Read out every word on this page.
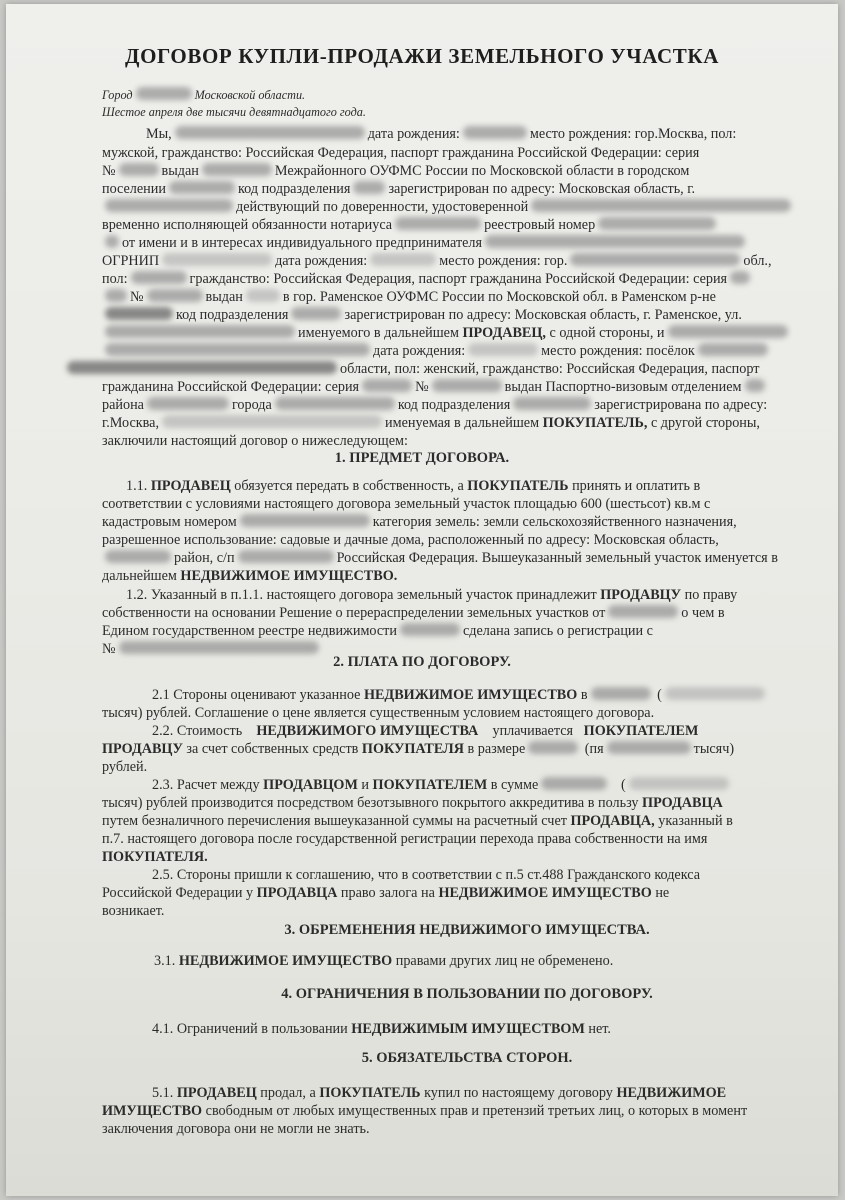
ДОГОВОР КУПЛИ-ПРОДАЖИ ЗЕМЕЛЬНОГО УЧАСТКА
Город	Московской области.
Шестое апреля две тысячи девятнадцатого года.
Мы,	дата рождения:	место рождения: гор.Москва, пол:
мужской, гражданство: Российская Федерация, паспорт гражданина Российской Федерации: серия
№	выдан	Межрайонного ОУФМС России по Московской области в городском
поселении	код подразделения	зарегистрирован по адресу: Московская область, г.
действующий по доверенности, удостоверенной
временно исполняющей обязанности нотариуса	реестровый номер
от имени и в интересах индивидуального предпринимателя
ОГРНИП	дата рождения:	место рождения: гор.	обл.,
пол:	гражданство: Российская Федерация, паспорт гражданина Российской Федерации: серия
№	выдан	в гор. Раменское ОУФМС России по Московской обл. в Раменском р-не
код подразделения	зарегистрирован по адресу: Московская область, г. Раменское, ул.
именуемого в дальнейшем ПРОДАВЕЦ, с одной стороны, и
дата рождения:	место рождения: посёлок
области, пол: женский, гражданство: Российская Федерация, паспорт
гражданина Российской Федерации: серия	№	выдан Паспортно-визовым отделением
района	города	код подразделения	зарегистрирована по адресу:
г.Москва,	именуемая в дальнейшем ПОКУПАТЕЛЬ, с другой стороны,
заключили настоящий договор о нижеследующем:
1. ПРЕДМЕТ ДОГОВОРА.
1.1. ПРОДАВЕЦ обязуется передать в собственность, а ПОКУПАТЕЛЬ принять и оплатить в
соответствии с условиями настоящего договора земельный участок площадью 600 (шестьсот) кв.м с
кадастровым номером	категория земель: земли сельскохозяйственного назначения,
разрешенное использование: садовые и дачные дома, расположенный по адресу: Московская область,
район, с/п	Российская Федерация. Вышеуказанный земельный участок именуется в
дальнейшем НЕДВИЖИМОЕ ИМУЩЕСТВО.
1.2. Указанный в п.1.1. настоящего договора земельный участок принадлежит ПРОДАВЦУ по праву
собственности на основании Решение о перераспределении земельных участков от	о чем в
Едином государственном реестре недвижимости	сделана запись о регистрации с
№
2. ПЛАТА ПО ДОГОВОРУ.
2.1 Стороны оценивают указанное НЕДВИЖИМОЕ ИМУЩЕСТВО в	(
тысяч) рублей. Соглашение о цене является существенным условием настоящего договора.
2.2. Стоимость НЕДВИЖИМОГО ИМУЩЕСТВА уплачивается ПОКУПАТЕЛЕМ
ПРОДАВЦУ за счет собственных средств ПОКУПАТЕЛЯ в размере	(пя	тысяч)
рублей.
2.3. Расчет между ПРОДАВЦОМ и ПОКУПАТЕЛЕМ в сумме	(
тысяч) рублей производится посредством безотзывного покрытого аккредитива в пользу ПРОДАВЦА
путем безналичного перечисления вышеуказанной суммы на расчетный счет ПРОДАВЦА, указанный в
п.7. настоящего договора после государственной регистрации перехода права собственности на имя
ПОКУПАТЕЛЯ.
2.5. Стороны пришли к соглашению, что в соответствии с п.5 ст.488 Гражданского кодекса
Российской Федерации у ПРОДАВЦА право залога на НЕДВИЖИМОЕ ИМУЩЕСТВО не
возникает.
3. ОБРЕМЕНЕНИЯ НЕДВИЖИМОГО ИМУЩЕСТВА.
3.1. НЕДВИЖИМОЕ ИМУЩЕСТВО правами других лиц не обременено.
4. ОГРАНИЧЕНИЯ В ПОЛЬЗОВАНИИ ПО ДОГОВОРУ.
4.1. Ограничений в пользовании НЕДВИЖИМЫМ ИМУЩЕСТВОМ нет.
5. ОБЯЗАТЕЛЬСТВА СТОРОН.
5.1. ПРОДАВЕЦ продал, а ПОКУПАТЕЛЬ купил по настоящему договору НЕДВИЖИМОЕ
ИМУЩЕСТВО свободным от любых имущественных прав и претензий третьих лиц, о которых в момент
заключения договора они не могли не знать.
